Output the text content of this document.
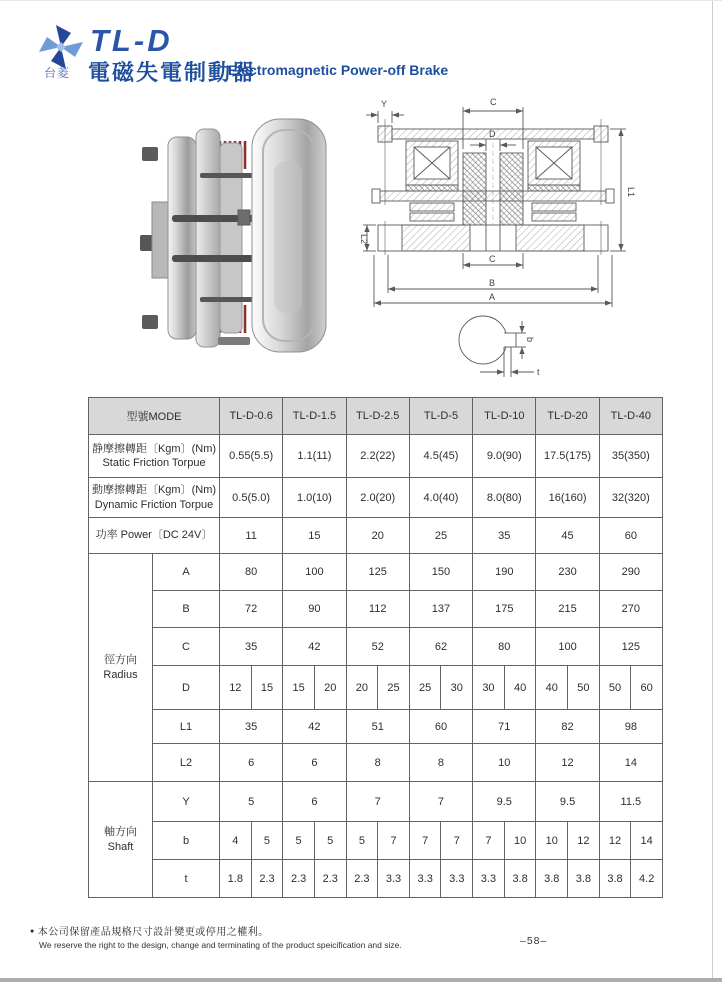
TL-D
台菱 電磁失電制動器
Electromagnetic Power-off Brake
C
Y
D
L1
L2
C
B
A
b
t
型號MODE		TL-D-0.6		TL-D-1.5		TL-D-2.5		TL-D-5		TL-D-10		TL-D-20		TL-D-40	

静摩擦轉距〔Kgm〕(Nm)
Static Friction Torpue		0.55(5.5)		1.1(11)		2.2(22)		4.5(45)		9.0(90)		17.5(175)		35(350)	

動摩擦轉距〔Kgm〕(Nm)
Dynamic Friction Torpue		0.5(5.0)		1.0(10)		2.0(20)		4.0(40)		8.0(80)		16(160)		32(320)	
功率 Power〔DC 24V〕		11		15		20		25		35		45		60	

徑方向
Radius	A	80		100		125		150		190		230		290	
	B	72		90		112		137		175		215		270	
	C	35		42		52		62		80		100		125	
	D	12	15	15	20	20	25	25	30	30	40	40	50	50	60
	L1	35		42		51		60		71		82		98	
	L2	6		6		8		8		10		12		14	

軸方向
Shaft	Y	5		6		7		7		9.5		9.5		11.5	
	b	4	5	5	5	5	7	7	7	7	10	10	12	12	14
	t	1.8	2.3	2.3	2.3	2.3	3.3	3.3	3.3	3.3	3.8	3.8	3.8	3.8	4.2
● 本公司保留產品規格尺寸設計變更或停用之權利。
We reserve the right to the design, change and terminating of the product speicification and size.	–58–
